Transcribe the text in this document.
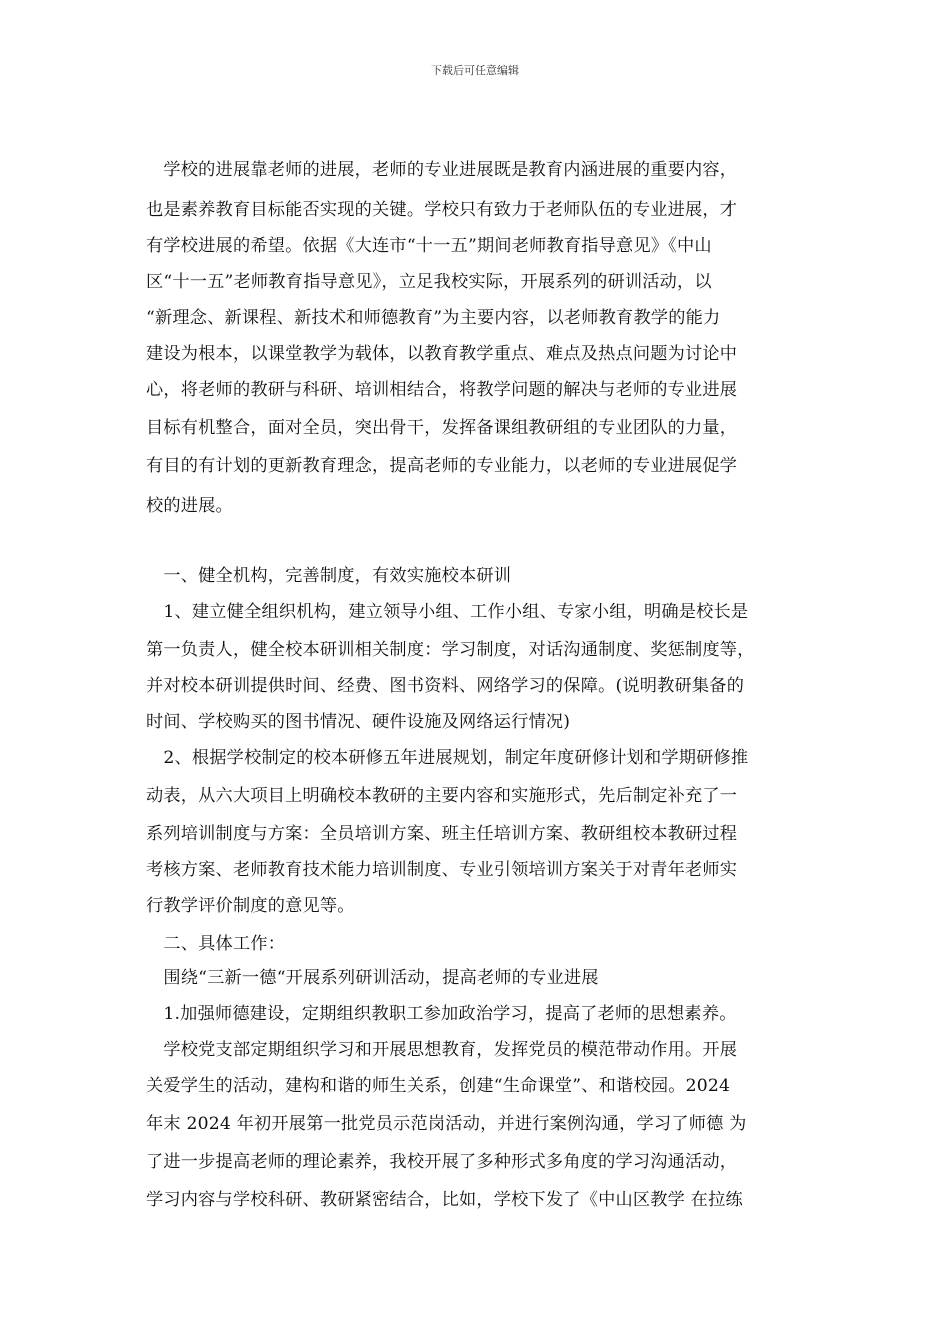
下载后可任意编辑
　学校的进展靠老师的进展，老师的专业进展既是教育内涵进展的重要内容，
也是素养教育目标能否实现的关键。学校只有致力于老师队伍的专业进展，才
有学校进展的希望。依据《大连市“十一五”期间老师教育指导意见》《中山
区“十一五”老师教育指导意见》，立足我校实际，开展系列的研训活动，以
“新理念、新课程、新技术和师德教育”为主要内容，以老师教育教学的能力
建设为根本，以课堂教学为载体，以教育教学重点、难点及热点问题为讨论中
心，将老师的教研与科研、培训相结合，将教学问题的解决与老师的专业进展
目标有机整合，面对全员，突出骨干，发挥备课组教研组的专业团队的力量，
有目的有计划的更新教育理念，提高老师的专业能力，以老师的专业进展促学
校的进展。
　一、健全机构，完善制度，有效实施校本研训
　1、建立健全组织机构，建立领导小组、工作小组、专家小组，明确是校长是
第一负责人，健全校本研训相关制度：学习制度，对话沟通制度、奖惩制度等，
并对校本研训提供时间、经费、图书资料、网络学习的保障。(说明教研集备的
时间、学校购买的图书情况、硬件设施及网络运行情况)
　2、根据学校制定的校本研修五年进展规划，制定年度研修计划和学期研修推
动表，从六大项目上明确校本教研的主要内容和实施形式，先后制定补充了一
系列培训制度与方案：全员培训方案、班主任培训方案、教研组校本教研过程
考核方案、老师教育技术能力培训制度、专业引领培训方案关于对青年老师实
行教学评价制度的意见等。
　二、具体工作：
　围绕“三新一德“开展系列研训活动，提高老师的专业进展
　1.加强师德建设，定期组织教职工参加政治学习，提高了老师的思想素养。
　学校党支部定期组织学习和开展思想教育，发挥党员的模范带动作用。开展
关爱学生的活动，建构和谐的师生关系，创建“生命课堂”、和谐校园。2024
年末 2024 年初开展第一批党员示范岗活动，并进行案例沟通，学习了师德 为
了进一步提高老师的理论素养，我校开展了多种形式多角度的学习沟通活动，
学习内容与学校科研、教研紧密结合，比如，学校下发了《中山区教学 在拉练
